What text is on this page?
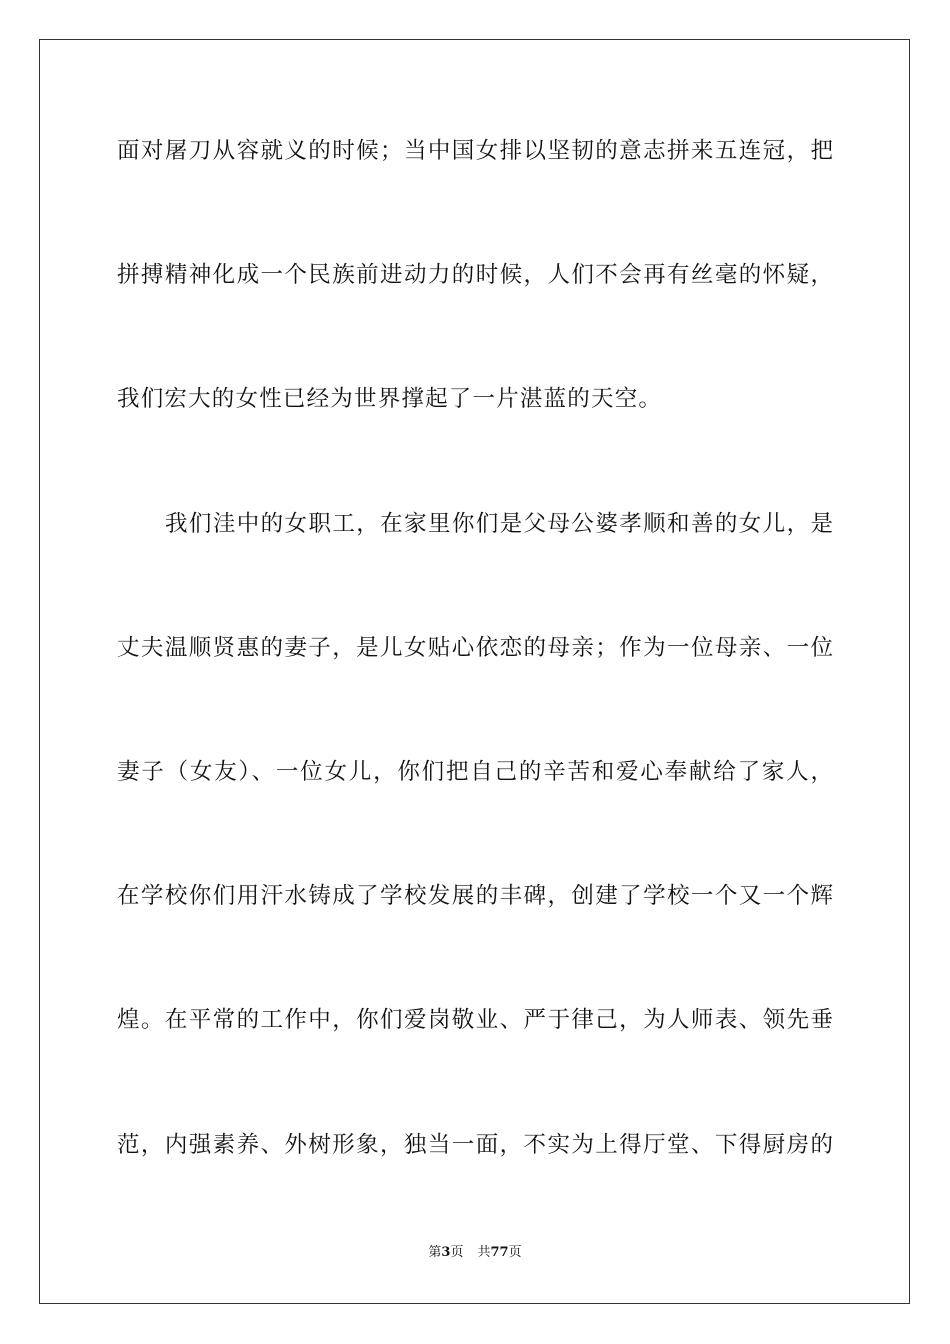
面对屠刀从容就义的时候；当中国女排以坚韧的意志拼来五连冠，把
拼搏精神化成一个民族前进动力的时候，人们不会再有丝毫的怀疑，
我们宏大的女性已经为世界撑起了一片湛蓝的天空。
我们洼中的女职工，在家里你们是父母公婆孝顺和善的女儿，是
丈夫温顺贤惠的妻子，是儿女贴心依恋的母亲；作为一位母亲、一位
妻子（女友）、一位女儿，你们把自己的辛苦和爱心奉献给了家人，
在学校你们用汗水铸成了学校发展的丰碑，创建了学校一个又一个辉
煌。在平常的工作中，你们爱岗敬业、严于律己，为人师表、领先垂
范，内强素养、外树形象，独当一面，不实为上得厅堂、下得厨房的
第3页 共77页
